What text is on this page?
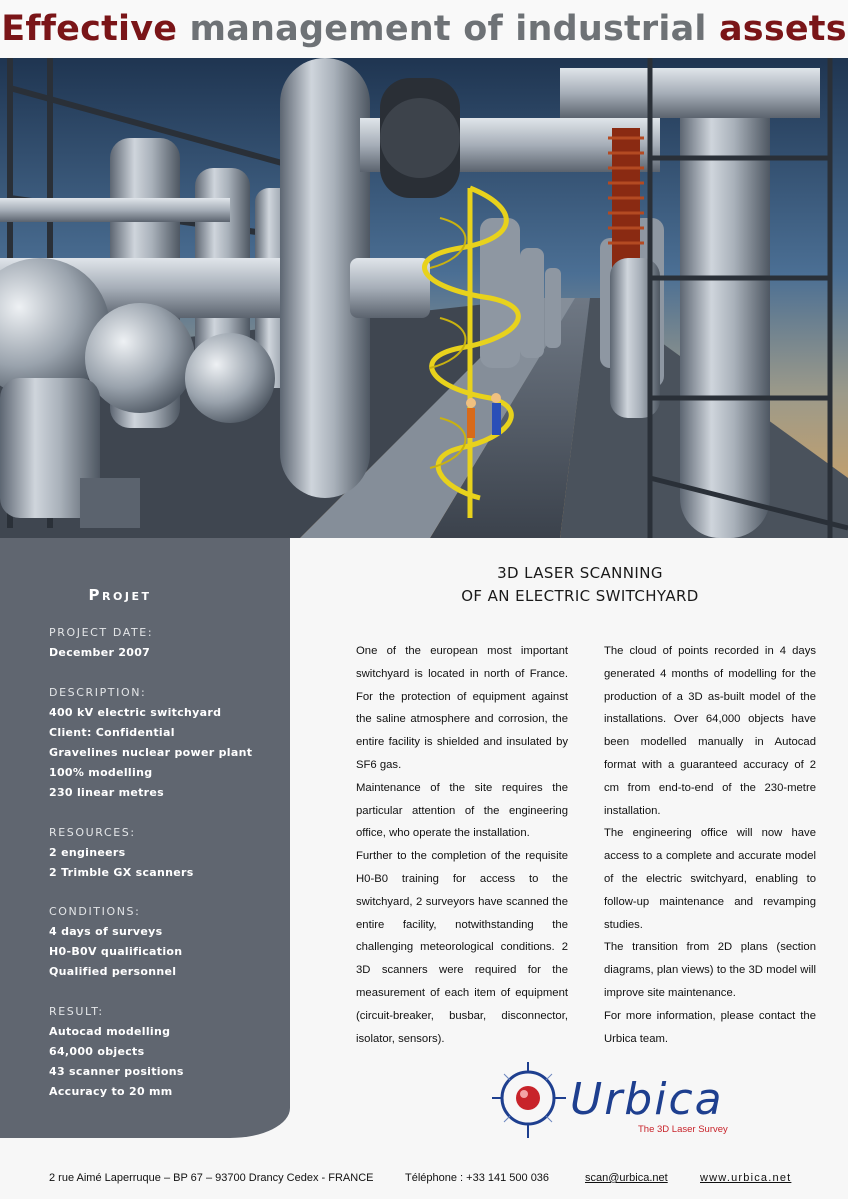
Effective management of industrial assets
Projet
PROJECT DATE:
December 2007
DESCRIPTION:
400 kV electric switchyard
Client: Confidential
Gravelines nuclear power plant
100% modelling
230 linear metres
RESOURCES:
2 engineers
2 Trimble GX scanners
CONDITIONS:
4 days of surveys
H0-B0V qualification
Qualified personnel
RESULT:
Autocad modelling
64,000 objects
43 scanner positions
Accuracy to 20 mm
3D LASER SCANNING
OF AN ELECTRIC SWITCHYARD

One of the european most important switchyard is located in north of France. For the protection of equipment against the saline atmosphere and corrosion, the entire facility is shielded and insulated by SF6 gas.

Maintenance of the site requires the particular attention of the engineering office, who operate the installation.

Further to the completion of the requisite H0-B0 training for access to the switchyard, 2 surveyors have scanned the entire facility, notwithstanding the challenging meteorological conditions. 2 3D scanners were required for the measurement of each item of equipment (circuit-breaker, busbar, disconnector, isolator, sensors).

The cloud of points recorded in 4 days generated 4 months of modelling for the production of a 3D as-built model of the installations. Over 64,000 objects have been modelled manually in Autocad format with a guaranteed accuracy of 2 cm from end-to-end of the 230-metre installation.

The engineering office will now have access to a complete and accurate model of the electric switchyard, enabling to follow-up maintenance and revamping studies.

The transition from 2D plans (section diagrams, plan views) to the 3D model will improve site maintenance.

For more information, please contact the Urbica team.

Urbica
The 3D Laser Survey
2 rue Aimé Laperruque – BP 67 – 93700 Drancy Cedex - FRANCE	Téléphone : +33 141 500 036	scan@urbica.net	www.urbica.net
